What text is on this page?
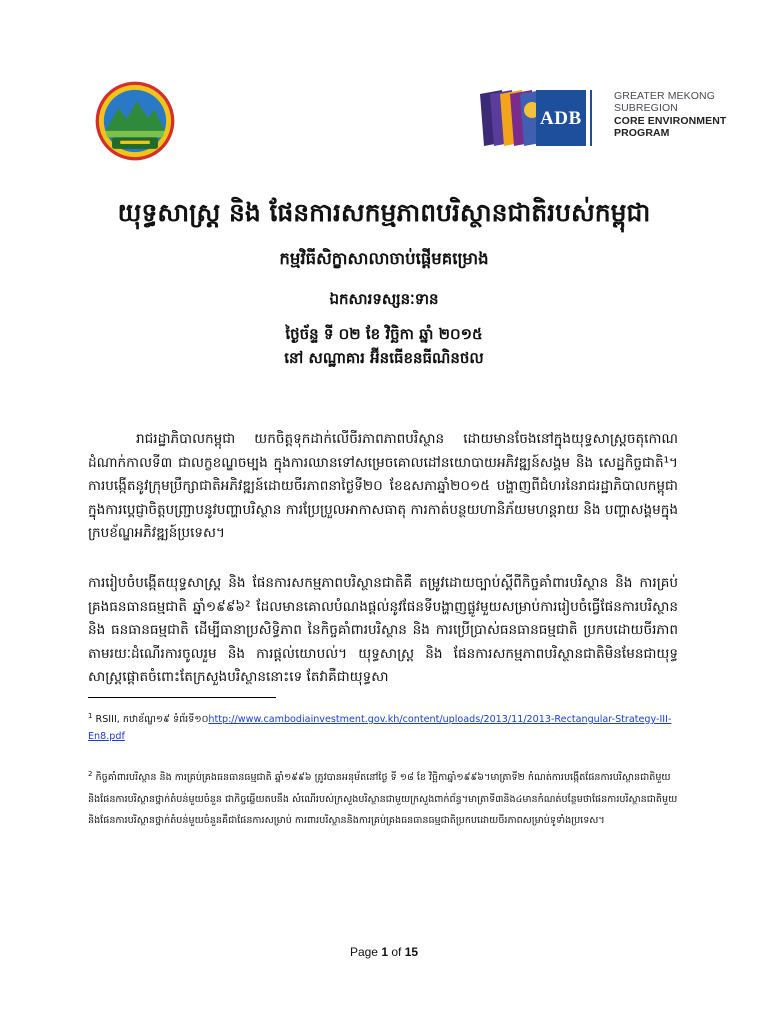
GREATER MEKONG
SUBREGION
CORE ENVIRONMENT
PROGRAM
ADB
យុទ្ធសាស្ត្រ និង ផែនការសកម្មភាពបរិស្ថានជាតិរបស់កម្ពុជា
កម្មវិធីសិក្ខាសាលាចាប់ផ្តើមគម្រោង
ឯកសារទស្សនៈទាន
ថ្ងៃច័ន្ទ ទី ០២ ខែ វិច្ឆិកា ឆ្នាំ ២០១៥
នៅ សណ្ឋាគារ អ៊ីនធើខនធីណិនថល
រាជរដ្ឋាភិបាលកម្ពុជា យកចិត្តទុកដាក់លើចីរភាពភាពបរិស្ថាន ដោយមានចែងនៅក្នុងយុទ្ធសាស្រ្តចតុកោណដំណាក់កាលទី៣ ជាលក្ខខណ្ឌចម្បង ក្នុងការឈានទៅសម្រេចគោលដៅនយោបាយអភិវឌ្ឍន៍សង្គម និង សេដ្ឋកិច្ចជាតិ¹។ ការបង្កើតនូវក្រុមប្រឹក្សាជាតិអភិវឌ្ឍន៍ដោយចីរភាពនាថ្ងៃទី២០ ខែឧសភាឆ្នាំ២០១៥ បង្ហាញពីជំហរនៃរាជរដ្ឋាភិបាលកម្ពុជាក្នុងការប្តេជ្ញាចិត្តបញ្ជ្រាបនូវបញ្ហាបរិស្ថាន ការប្រែប្រួលអាកាសធាតុ ការកាត់បន្ថយហានិភ័យមហន្តរាយ និង បញ្ហាសង្គមក្នុងក្របខ័ណ្ឌអភិវឌ្ឍន៍ប្រទេស។
ការរៀបចំបង្កើតយុទ្ធសាស្ត្រ និង ផែនការសកម្មភាពបរិស្ថានជាតិគឺ តម្រូវដោយច្បាប់ស្តីពីកិច្ចគាំពារបរិស្ថាន និង ការគ្រប់គ្រងធនធានធម្មជាតិ ឆ្នាំ១៩៩៦² ដែលមានគោលបំណងផ្តល់នូវផែនទីបង្ហាញផ្លូវមួយសម្រាប់ការរៀបចំធ្វើផែនការបរិស្ថាន និង ធនធានធម្មជាតិ ដើម្បីធានាប្រសិទ្ធិភាព នៃកិច្ចគាំពារបរិស្ថាន និង ការប្រើប្រាស់ធនធានធម្មជាតិ ប្រកបដោយចីរភាព តាមរយៈដំណើរការចូលរួម និង ការផ្តល់យោបល់។ យុទ្ធសាស្ត្រ និង ផែនការសកម្មភាពបរិស្ថានជាតិមិនមែនជាយុទ្ធសាស្រ្តផ្តោតចំពោះតែក្រសួងបរិស្ថាននោះទេ តែវាគឺជាយុទ្ធសា
$^1$ RSIII, កឋាខ័ណ្ឌ១៩ ទំព័រទី១០http://www.cambodiainvestment.gov.kh/content/uploads/2013/11/2013-Rectangular-Strategy-III-En8.pdf
$^2$ កិច្ចគាំពារបរិស្ថាន និង ការគ្រប់គ្រងធនធានធម្មជាតិ ឆ្នាំ១៩៩៦ ត្រូវបានអនុម័តនៅថ្ងៃ ទី ១៨ ខែ វិច្ឆិកាឆ្នាំ១៩៩៦។មាត្រាទី២ កំណត់ការបង្កើតផែនការបរិស្ថានជាតិមួយនិងផែនការបរិស្ថានថ្នាក់តំបន់មួយចំនួន ជាកិច្ចឆ្លើយតបនឹង សំណើរបស់ក្រសួងបរិស្ថានជាមួយក្រសួងពាក់ព័ន្ធ។មាត្រាទី៣និង៤មានកំណត់បន្ថែមថាផែនការបរិស្ថានជាតិមួយនិងផែនការបរិស្ថានថ្នាក់តំបន់មួយចំនួនគឺជាផែនការសម្រាប់ ការពារបរិស្ថាននិងការគ្រប់គ្រងធនធានធម្មជាតិប្រកបដោយចីរភាពសម្រាប់ទូទាំងប្រទេស។
Page 1 of 15
